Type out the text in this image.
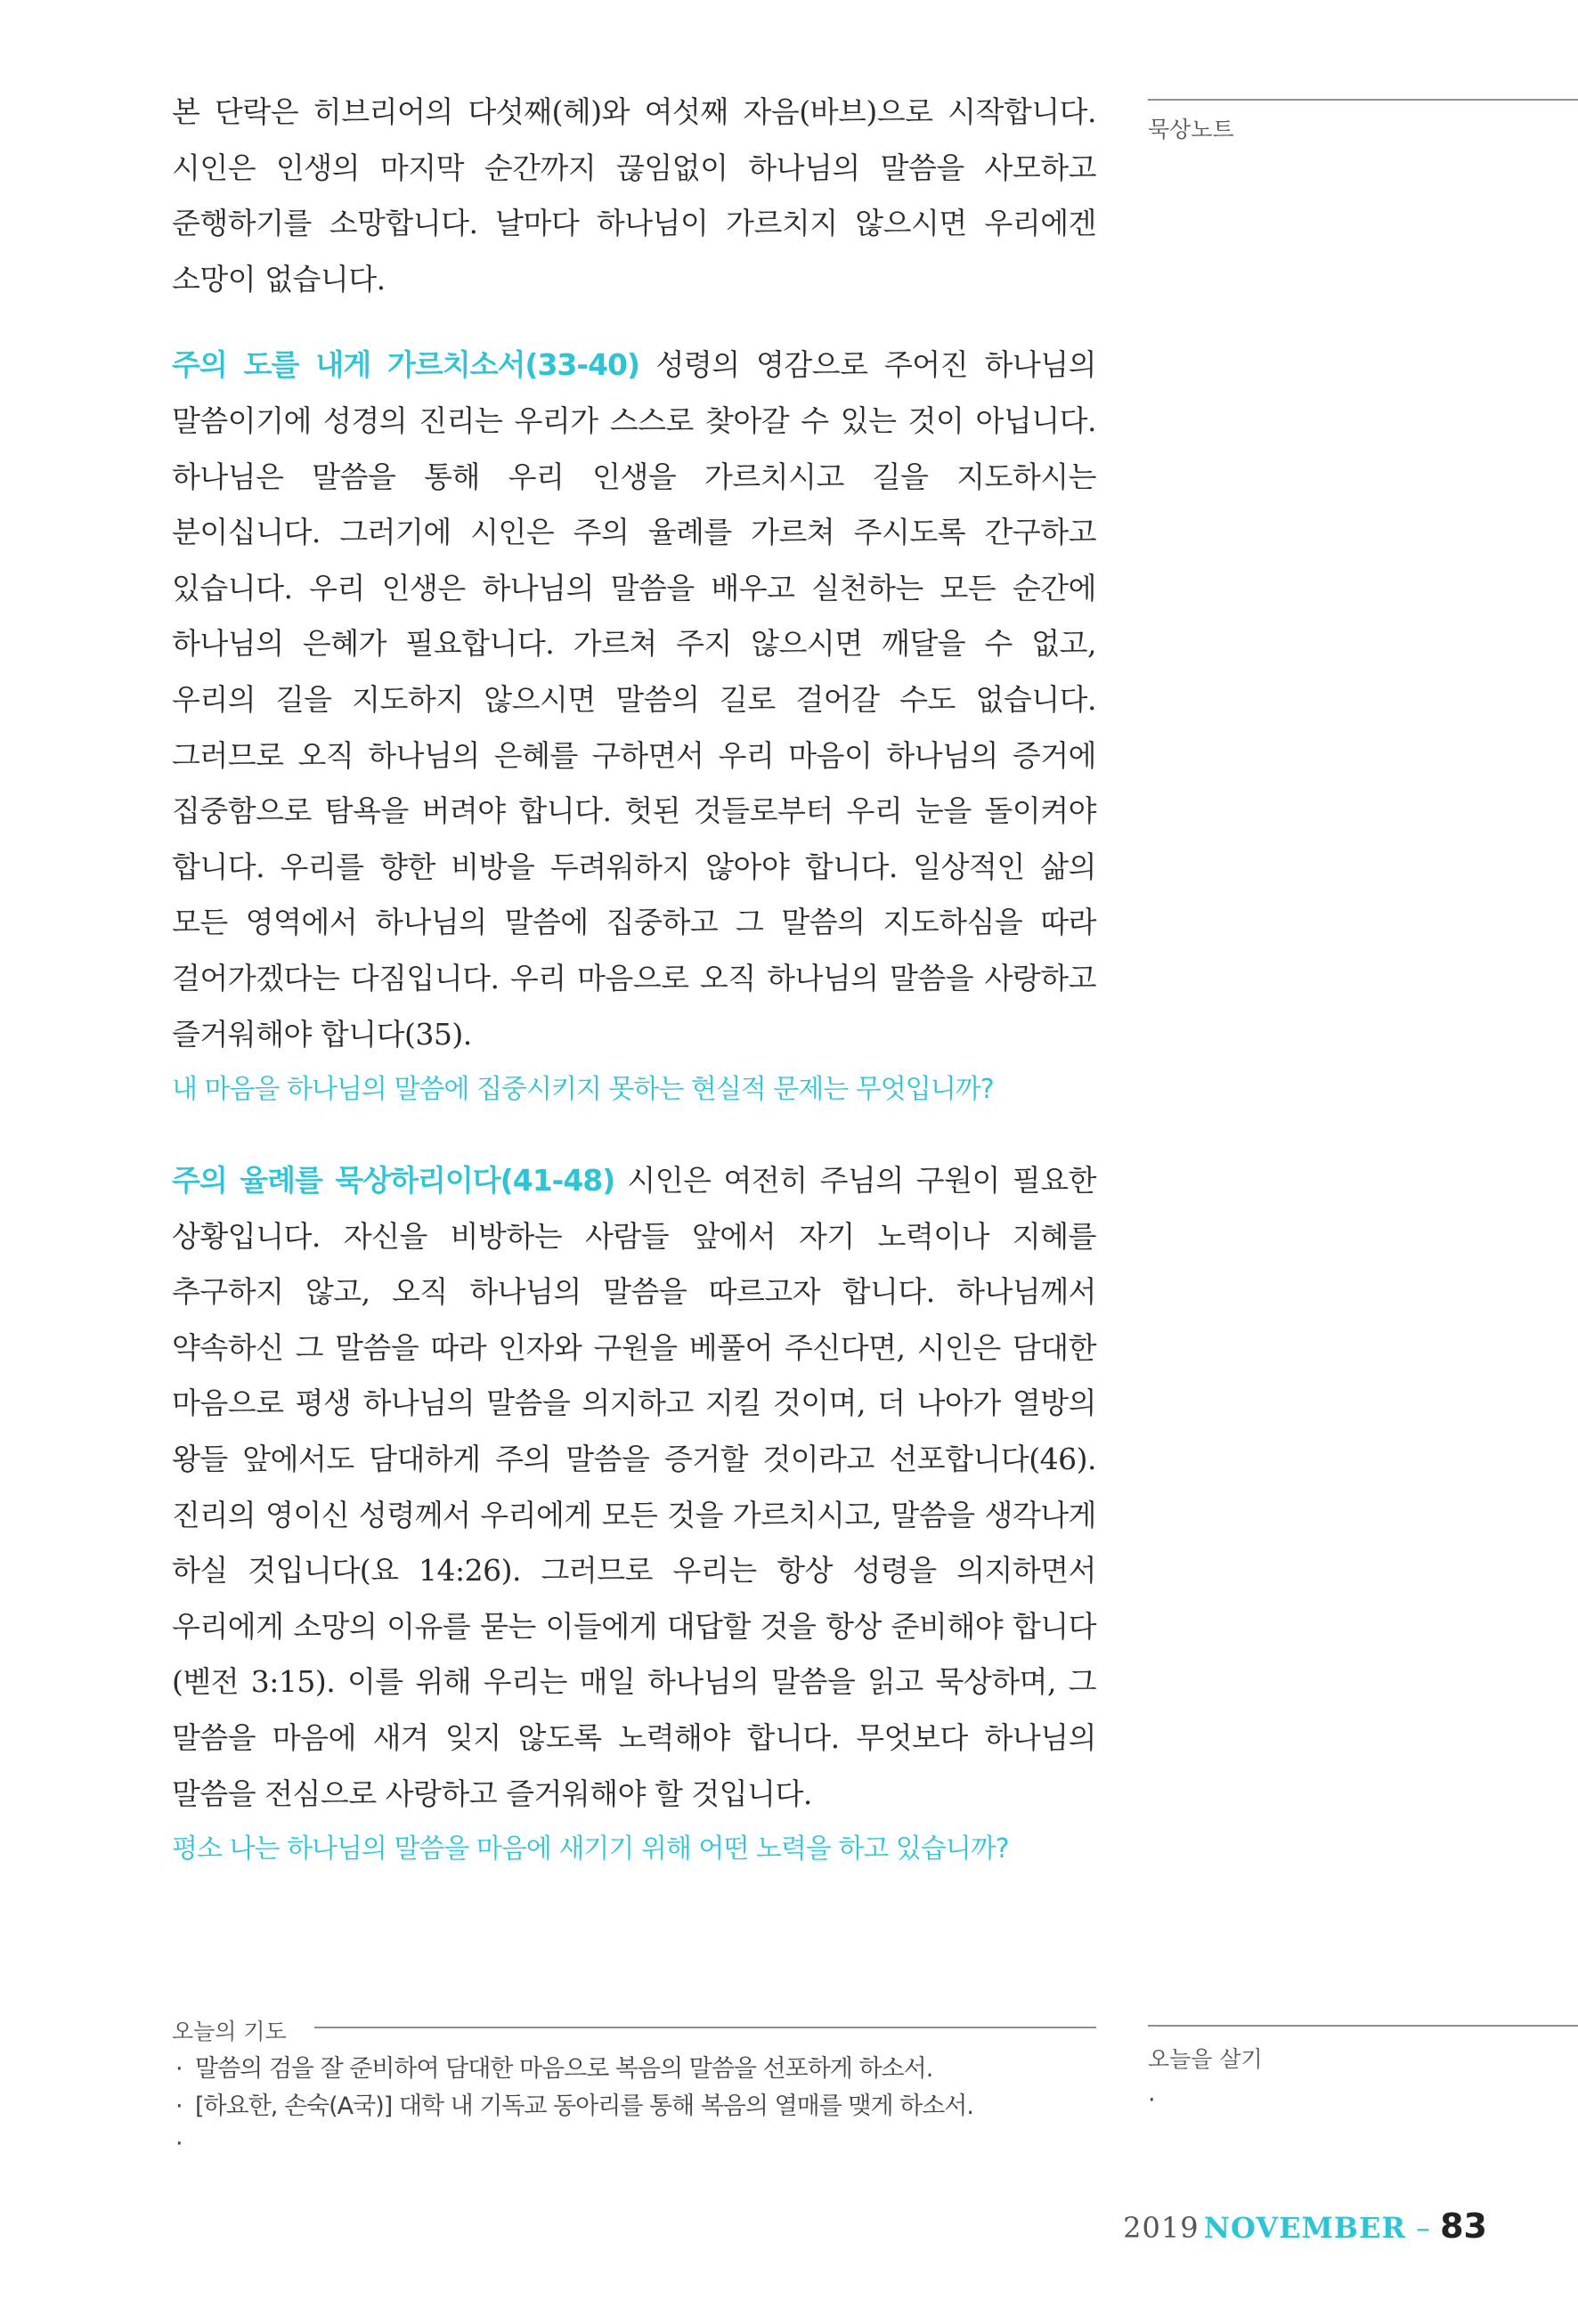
본 단락은 히브리어의 다섯째(헤)와 여섯째 자음(바브)으로 시작합니다. 시인은 인생의 마지막 순간까지 끊임없이 하나님의 말씀을 사모하고 준행하기를 소망합니다. 날마다 하나님이 가르치지 않으시면 우리에겐 소망이 없습니다.

주의 도를 내게 가르치소서(33-40) 성령의 영감으로 주어진 하나님의 말씀이기에 성경의 진리는 우리가 스스로 찾아갈 수 있는 것이 아닙니다. 하나님은 말씀을 통해 우리 인생을 가르치시고 길을 지도하시는 분이십니다. 그러기에 시인은 주의 율례를 가르쳐 주시도록 간구하고 있습니다. 우리 인생은 하나님의 말씀을 배우고 실천하는 모든 순간에 하나님의 은혜가 필요합니다. 가르쳐 주지 않으시면 깨달을 수 없고, 우리의 길을 지도하지 않으시면 말씀의 길로 걸어갈 수도 없습니다. 그러므로 오직 하나님의 은혜를 구하면서 우리 마음이 하나님의 증거에 집중함으로 탐욕을 버려야 합니다. 헛된 것들로부터 우리 눈을 돌이켜야 합니다. 우리를 향한 비방을 두려워하지 않아야 합니다. 일상적인 삶의 모든 영역에서 하나님의 말씀에 집중하고 그 말씀의 지도하심을 따라 걸어가겠다는 다짐입니다. 우리 마음으로 오직 하나님의 말씀을 사랑하고 즐거워해야 합니다(35).

내 마음을 하나님의 말씀에 집중시키지 못하는 현실적 문제는 무엇입니까?

주의 율례를 묵상하리이다(41-48) 시인은 여전히 주님의 구원이 필요한 상황입니다. 자신을 비방하는 사람들 앞에서 자기 노력이나 지혜를 추구하지 않고, 오직 하나님의 말씀을 따르고자 합니다. 하나님께서 약속하신 그 말씀을 따라 인자와 구원을 베풀어 주신다면, 시인은 담대한 마음으로 평생 하나님의 말씀을 의지하고 지킬 것이며, 더 나아가 열방의 왕들 앞에서도 담대하게 주의 말씀을 증거할 것이라고 선포합니다(46). 진리의 영이신 성령께서 우리에게 모든 것을 가르치시고, 말씀을 생각나게 하실 것입니다(요 14:26). 그러므로 우리는 항상 성령을 의지하면서 우리에게 소망의 이유를 묻는 이들에게 대답할 것을 항상 준비해야 합니다(벧전 3:15). 이를 위해 우리는 매일 하나님의 말씀을 읽고 묵상하며, 그 말씀을 마음에 새겨 잊지 않도록 노력해야 합니다. 무엇보다 하나님의 말씀을 전심으로 사랑하고 즐거워해야 할 것입니다.

평소 나는 하나님의 말씀을 마음에 새기기 위해 어떤 노력을 하고 있습니까?

묵상노트
오늘의 기도
· 말씀의 검을 잘 준비하여 담대한 마음으로 복음의 말씀을 선포하게 하소서.
· [하요한, 손숙(A국)] 대학 내 기독교 동아리를 통해 복음의 열매를 맺게 하소서.
·
오늘을 살기
·
2019 NOVEMBER – 83
